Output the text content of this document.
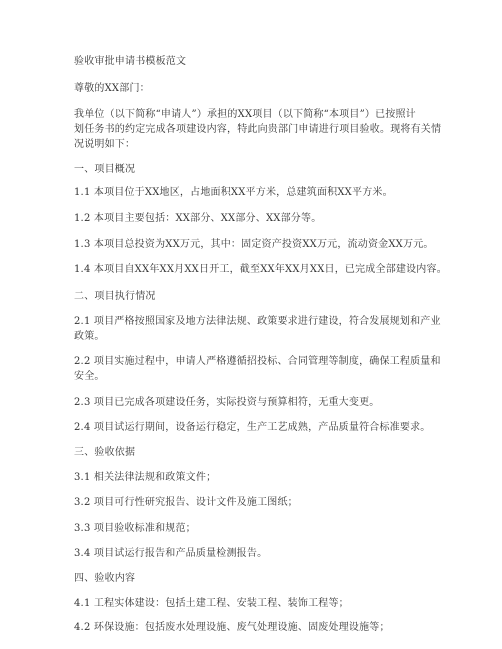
验收审批申请书模板范文
尊敬的XX部门：
我单位（以下简称“申请人”）承担的XX项目（以下简称“本项目”）已按照计
划任务书的约定完成各项建设内容，特此向贵部门申请进行项目验收。现将有关情
况说明如下：
一、项目概况
1.1 本项目位于XX地区，占地面积XX平方米，总建筑面积XX平方米。
1.2 本项目主要包括：XX部分、XX部分、XX部分等。
1.3 本项目总投资为XX万元，其中：固定资产投资XX万元，流动资金XX万元。
1.4 本项目自XX年XX月XX日开工，截至XX年XX月XX日，已完成全部建设内容。
二、项目执行情况
2.1 项目严格按照国家及地方法律法规、政策要求进行建设，符合发展规划和产业
政策。
2.2 项目实施过程中，申请人严格遵循招投标、合同管理等制度，确保工程质量和
安全。
2.3 项目已完成各项建设任务，实际投资与预算相符，无重大变更。
2.4 项目试运行期间，设备运行稳定，生产工艺成熟，产品质量符合标准要求。
三、验收依据
3.1 相关法律法规和政策文件；
3.2 项目可行性研究报告、设计文件及施工图纸；
3.3 项目验收标准和规范；
3.4 项目试运行报告和产品质量检测报告。
四、验收内容
4.1 工程实体建设：包括土建工程、安装工程、装饰工程等；
4.2 环保设施：包括废水处理设施、废气处理设施、固废处理设施等；
